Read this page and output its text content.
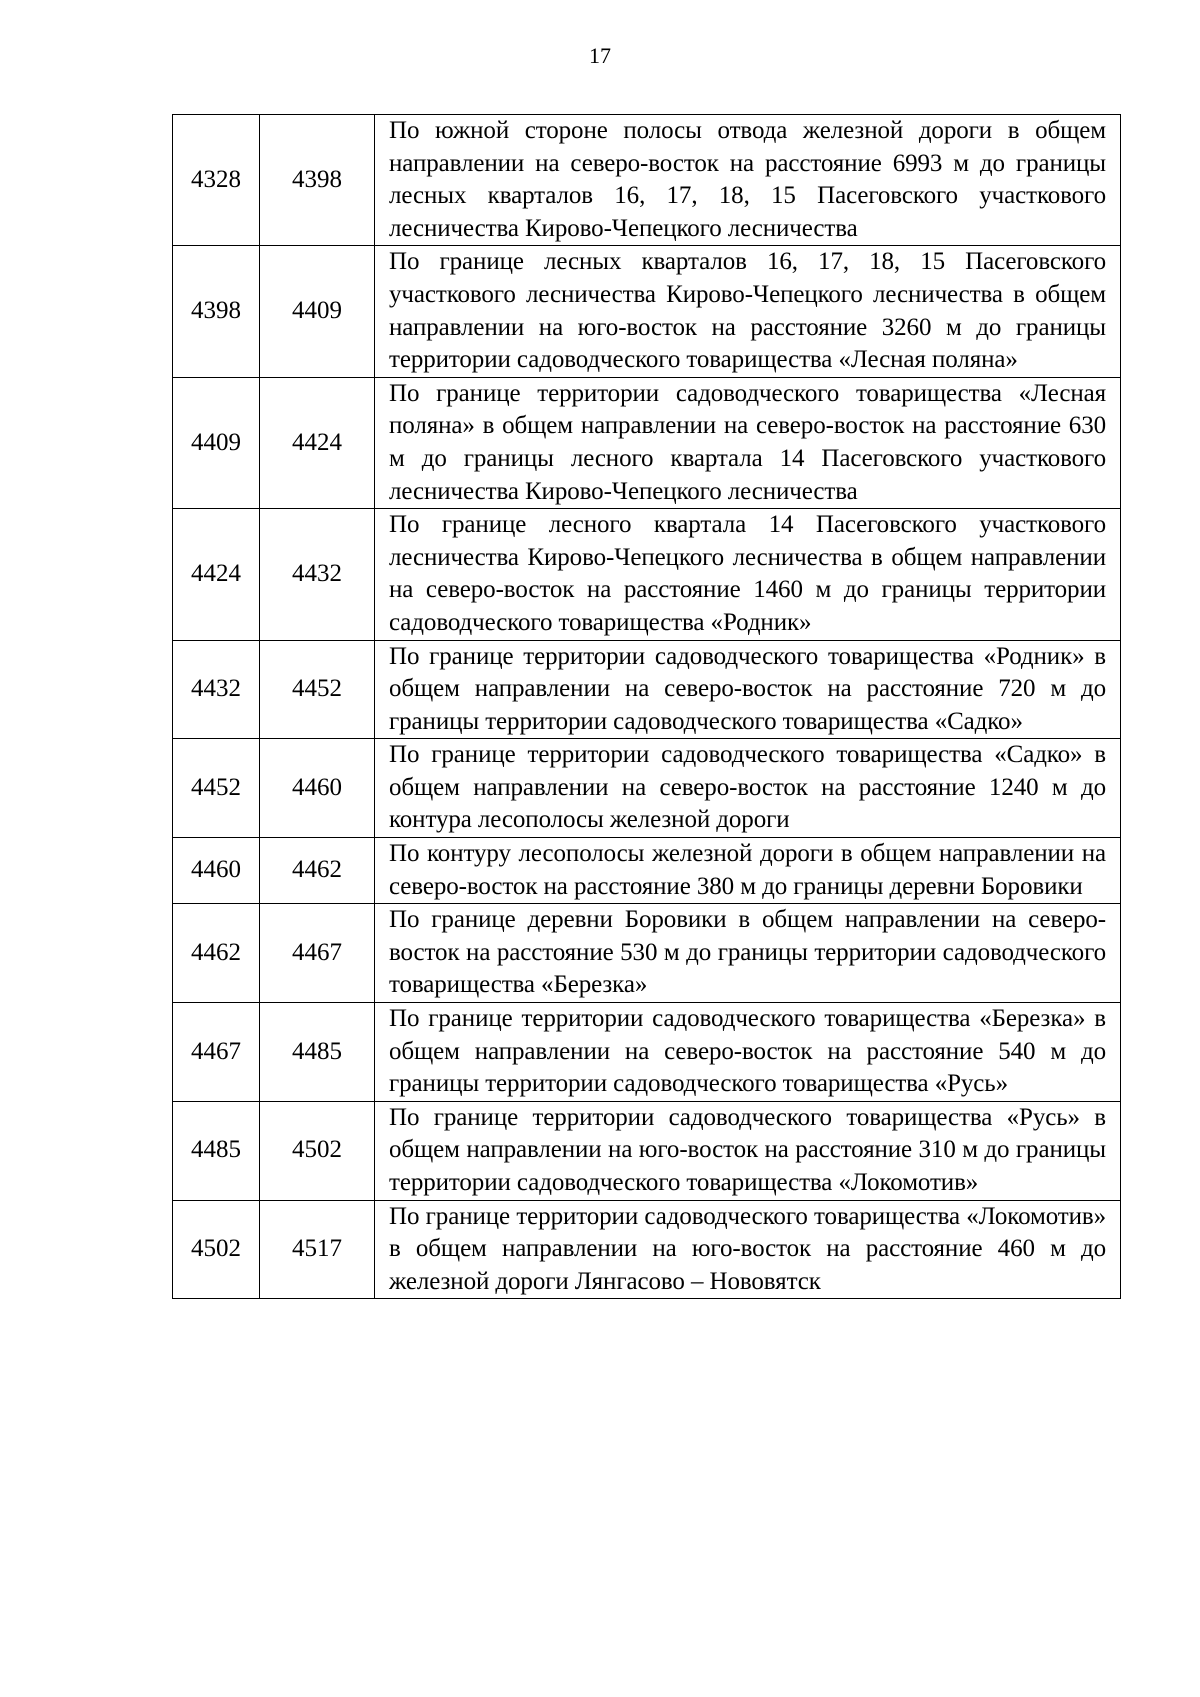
17
4328	4398	По южной стороне полосы отвода железной дороги в общем направлении на северо-восток на расстояние 6993 м до границы лесных кварталов 16, 17, 18, 15 Пасеговского участкового лесничества Кирово-Чепецкого лесничества
4398	4409	По границе лесных кварталов 16, 17, 18, 15 Пасеговского участкового лесничества Кирово-Чепецкого лесничества в общем направлении на юго-восток на расстояние 3260 м до границы территории садоводческого товарищества «Лесная поляна»
4409	4424	По границе территории садоводческого товарищества «Лесная поляна» в общем направлении на северо-восток на расстояние 630 м до границы лесного квартала 14 Пасеговского участкового лесничества Кирово-Чепецкого лесничества
4424	4432	По границе лесного квартала 14 Пасеговского участкового лесничества Кирово-Чепецкого лесничества в общем направлении на северо-восток на расстояние 1460 м до границы территории садоводческого товарищества «Родник»
4432	4452	По границе территории садоводческого товарищества «Родник» в общем направлении на северо-восток на расстояние 720 м до границы территории садоводческого товарищества «Садко»
4452	4460	По границе территории садоводческого товарищества «Садко» в общем направлении на северо-восток на расстояние 1240 м до контура лесополосы железной дороги
4460	4462	По контуру лесополосы железной дороги в общем направлении на северо-восток на расстояние 380 м до границы деревни Боровики
4462	4467	По границе деревни Боровики в общем направлении на северо-восток на расстояние 530 м до границы территории садоводческого товарищества «Березка»
4467	4485	По границе территории садоводческого товарищества «Березка» в общем направлении на северо-восток на расстояние 540 м до границы территории садоводческого товарищества «Русь»
4485	4502	По границе территории садоводческого товарищества «Русь» в общем направлении на юго-восток на расстояние 310 м до границы территории садоводческого товарищества «Локомотив»
4502	4517	По границе территории садоводческого товарищества «Локомотив» в общем направлении на юго-восток на расстояние 460 м до железной дороги Лянгасово – Нововятск
